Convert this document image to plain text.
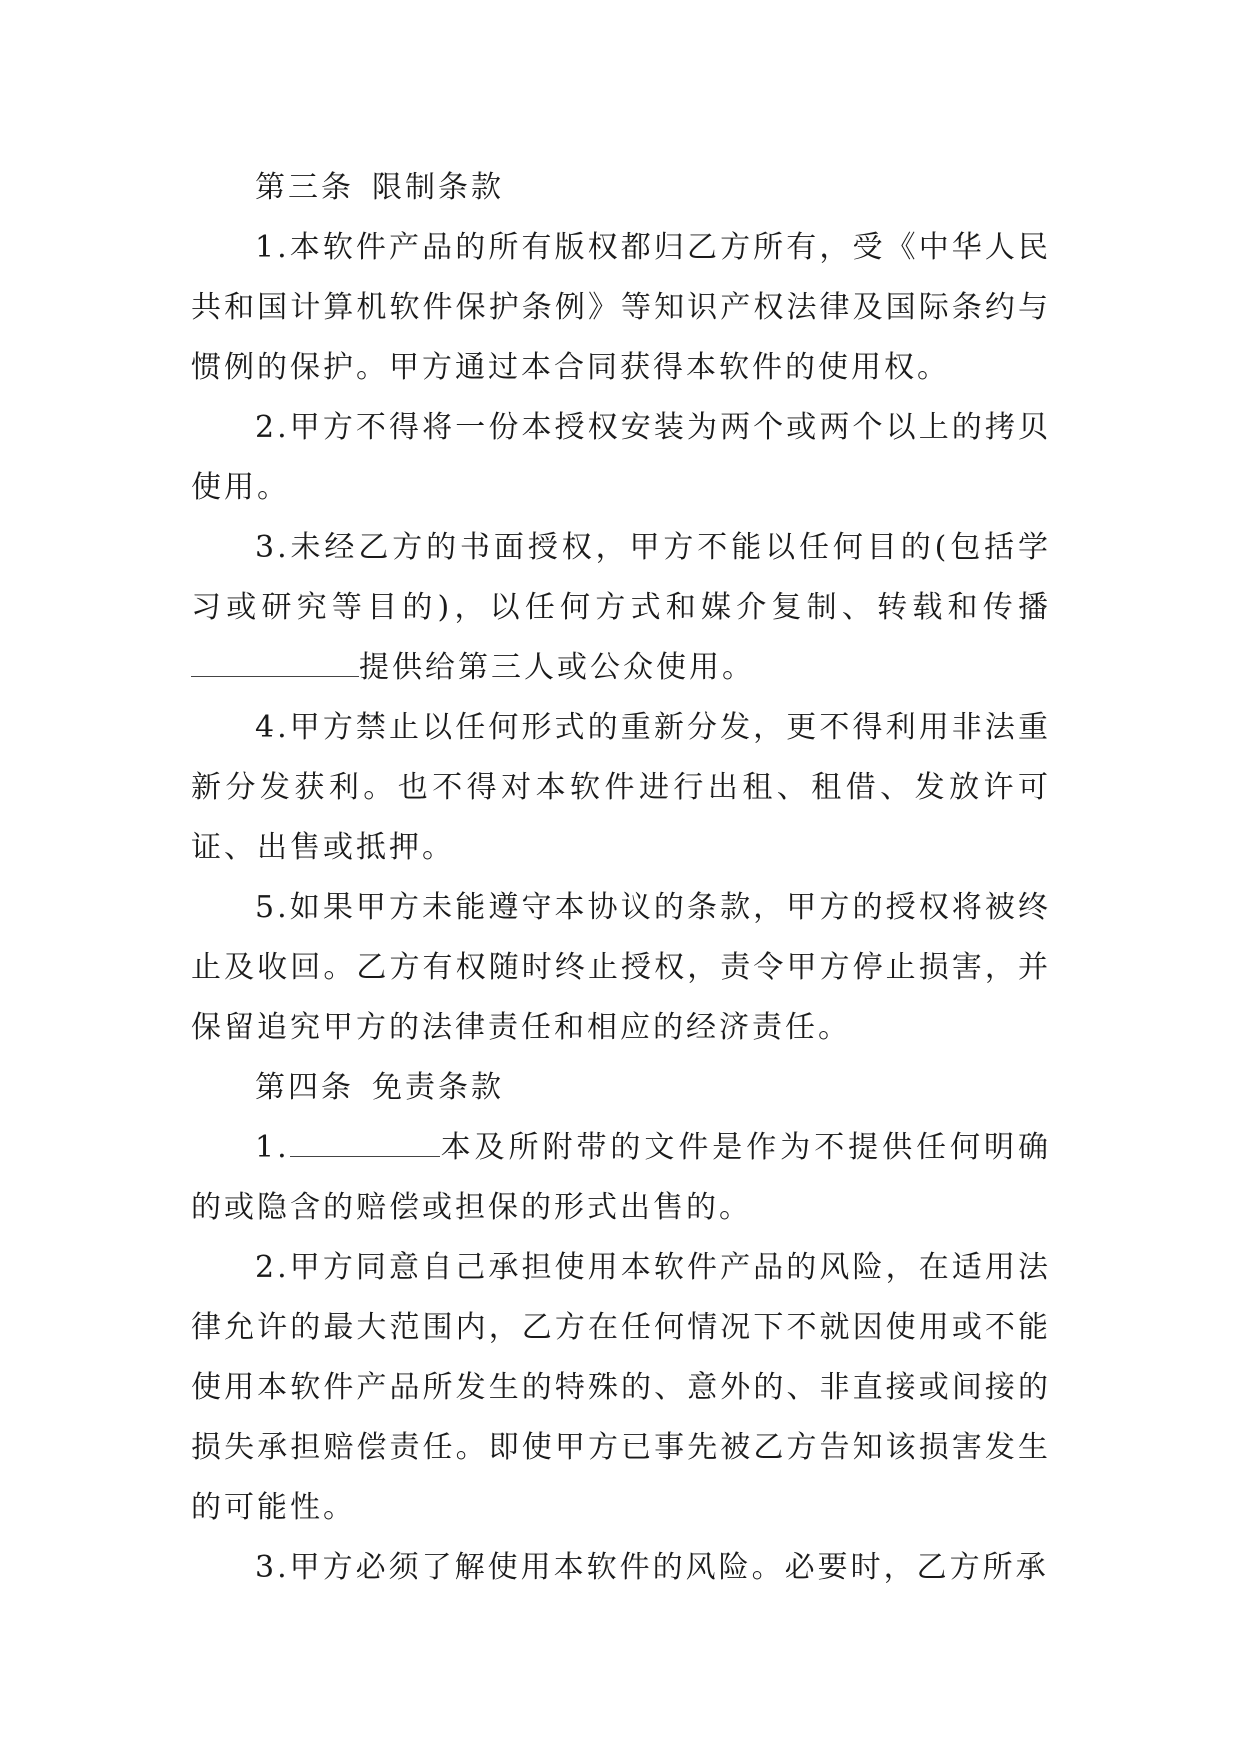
第三条 限制条款

1.本软件产品的所有版权都归乙方所有，受《中华人民共和国计算机软件保护条例》等知识产权法律及国际条约与惯例的保护。甲方通过本合同获得本软件的使用权。

2.甲方不得将一份本授权安装为两个或两个以上的拷贝使用。

3.未经乙方的书面授权，甲方不能以任何目的(包括学习或研究等目的)，以任何方式和媒介复制、转载和传播提供给第三人或公众使用。

4.甲方禁止以任何形式的重新分发，更不得利用非法重新分发获利。也不得对本软件进行出租、租借、发放许可证、出售或抵押。

5.如果甲方未能遵守本协议的条款，甲方的授权将被终止及收回。乙方有权随时终止授权，责令甲方停止损害，并保留追究甲方的法律责任和相应的经济责任。

第四条 免责条款

1.	本及所附带的文件是作为不提供任何明确的或隐含的赔偿或担保的形式出售的。

2.甲方同意自己承担使用本软件产品的风险，在适用法律允许的最大范围内，乙方在任何情况下不就因使用或不能使用本软件产品所发生的特殊的、意外的、非直接或间接的损失承担赔偿责任。即使甲方已事先被乙方告知该损害发生的可能性。

3.甲方必须了解使用本软件的风险。必要时，乙方所承
